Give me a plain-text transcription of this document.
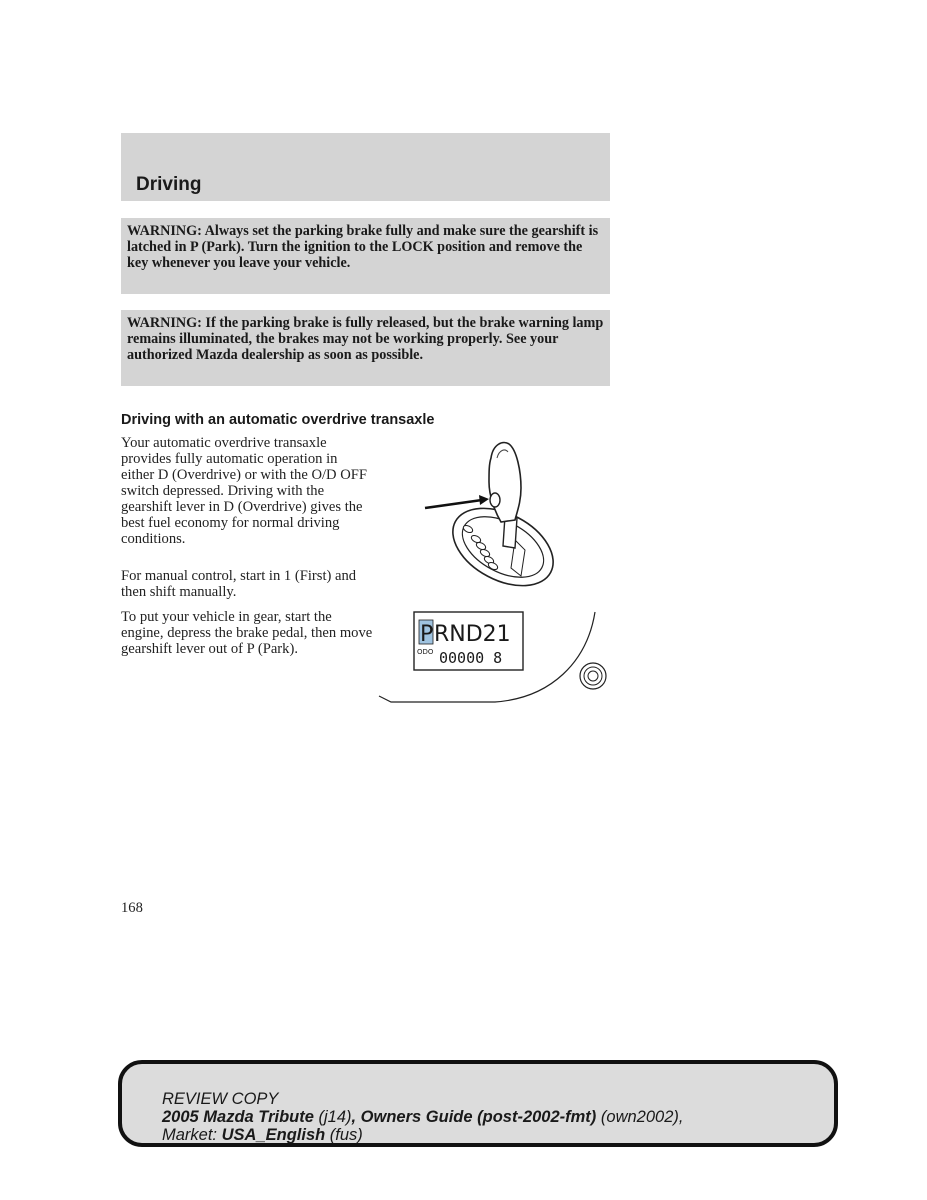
Driving
WARNING: Always set the parking brake fully and make sure the gearshift is latched in P (Park). Turn the ignition to the LOCK position and remove the key whenever you leave your vehicle.
WARNING: If the parking brake is fully released, but the brake warning lamp remains illuminated, the brakes may not be working properly. See your authorized Mazda dealership as soon as possible.
Driving with an automatic overdrive transaxle

Your automatic overdrive transaxle provides fully automatic operation in either D (Overdrive) or with the O/D OFF switch depressed. Driving with the gearshift lever in D (Overdrive) gives the best fuel economy for normal driving conditions.

For manual control, start in 1 (First) and then shift manually.

To put your vehicle in gear, start the engine, depress the brake pedal, then move gearshift lever out of P (Park).

P RND21
ODO 00000 8
168
REVIEW COPY
2005 Mazda Tribute (j14), Owners Guide (post-2002-fmt) (own2002),
Market: USA_English (fus)
